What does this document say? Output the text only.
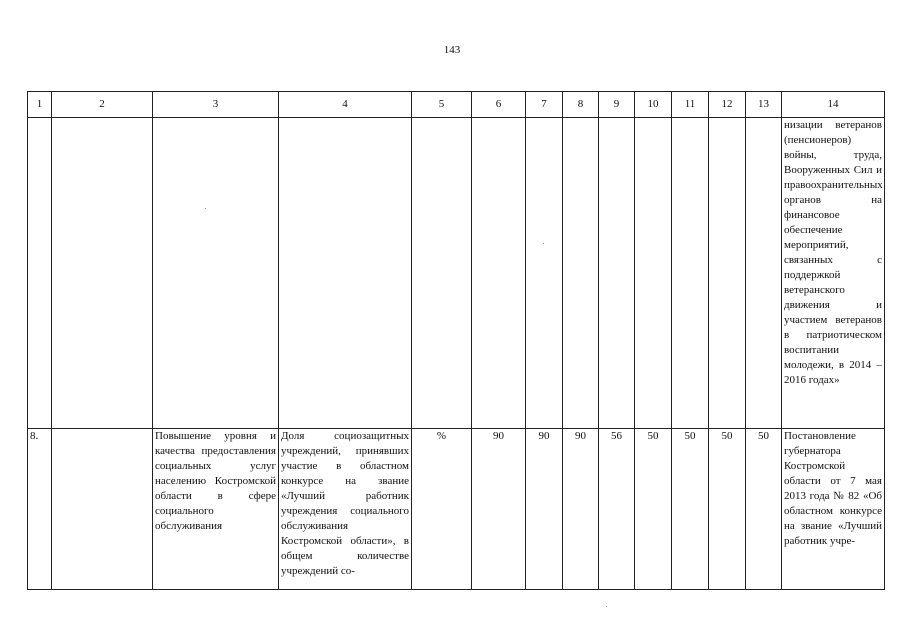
143
1	2	3	4	5	6	7	8	9	10	11	12	13	14
													низации ветеранов (пенсионеров) войны, труда, Вооруженных Сил и правоохранительных органов на финансовое обеспечение мероприятий, связанных с поддержкой ветеранского движения и участием ветеранов в патриотическом воспитании молодежи, в 2014 – 2016 годах»
8.		Повышение уровня и качества предоставления социальных услуг населению Костромской области в сфере социального обслуживания	Доля социозащитных учреждений, принявших участие в областном конкурсе на звание «Лучший работник учреждения социального обслуживания Костромской области», в общем количестве учреждений со-	%	90	90	90	56	50	50	50	50	Постановление губернатора Костромской области от 7 мая 2013 года № 82 «Об областном конкурсе на звание «Лучший работник учре-
